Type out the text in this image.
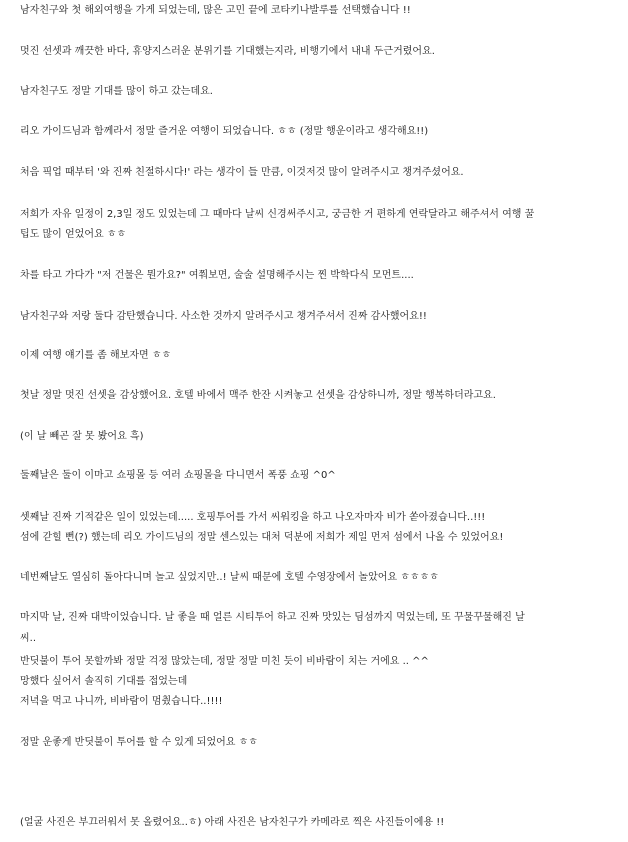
남자친구와 첫 해외여행을 가게 되었는데, 많은 고민 끝에 코타키나발루를 선택했습니다 !!
멋진 선셋과 깨끗한 바다, 휴양지스러운 분위기를 기대했는지라, 비행기에서 내내 두근거렸어요.
남자친구도 정말 기대를 많이 하고 갔는데요.
리오 가이드님과 함께라서 정말 즐거운 여행이 되었습니다. ㅎㅎ (정말 행운이라고 생각해요!!)
처음 픽업 때부터 '와 진짜 친절하시다!' 라는 생각이 들 만큼, 이것저것 많이 알려주시고 챙겨주셨어요.
저희가 자유 일정이 2,3일 정도 있었는데 그 때마다 날씨 신경써주시고, 궁금한 거 편하게 연락달라고 해주셔서 여행 꿀
팁도 많이 얻었어요 ㅎㅎ
차를 타고 가다가 "저 건물은 뭔가요?" 여쭤보면, 술술 설명해주시는 찐 박학다식 모먼트....
남자친구와 저랑 둘다 감탄했습니다. 사소한 것까지 알려주시고 챙겨주셔서 진짜 감사했어요!!
이제 여행 얘기를 좀 해보자면 ㅎㅎ
첫날 정말 멋진 선셋을 감상했어요. 호텔 바에서 맥주 한잔 시켜놓고 선셋을 감상하니까, 정말 행복하더라고요.
(이 날 빼곤 잘 못 봤어요 흑)
둘째날은 둘이 이마고 쇼핑몰 등 여러 쇼핑몰을 다니면서 폭풍 쇼핑 ^0^
셋째날 진짜 기적같은 일이 있었는데..... 호핑투어를 가서 씨워킹을 하고 나오자마자 비가 쏟아졌습니다..!!!
섬에 갇힐 뻔(?) 했는데 리오 가이드님의 정말 센스있는 대처 덕분에 저희가 제일 먼저 섬에서 나올 수 있었어요!
네번째날도 열심히 돌아다니며 놀고 싶었지만..! 날씨 때문에 호텔 수영장에서 놀았어요 ㅎㅎㅎㅎ
마지막 날, 진짜 대박이었습니다. 날 좋을 때 얼른 시티투어 하고 진짜 맛있는 딤섬까지 먹었는데, 또 꾸물꾸물해진 날
씨..
반딧불이 투어 못할까봐 정말 걱정 많았는데, 정말 정말 미친 듯이 비바람이 치는 거에요 .. ^^
망했다 싶어서 솔직히 기대를 접었는데
저녁을 먹고 나니까, 비바람이 멈췄습니다..!!!!
정말 운좋게 반딧불이 투어를 할 수 있게 되었어요 ㅎㅎ
(얼굴 사진은 부끄러워서 못 올렸어요..ㅎ) 아래 사진은 남자친구가 카메라로 찍은 사진들이에용 !!
